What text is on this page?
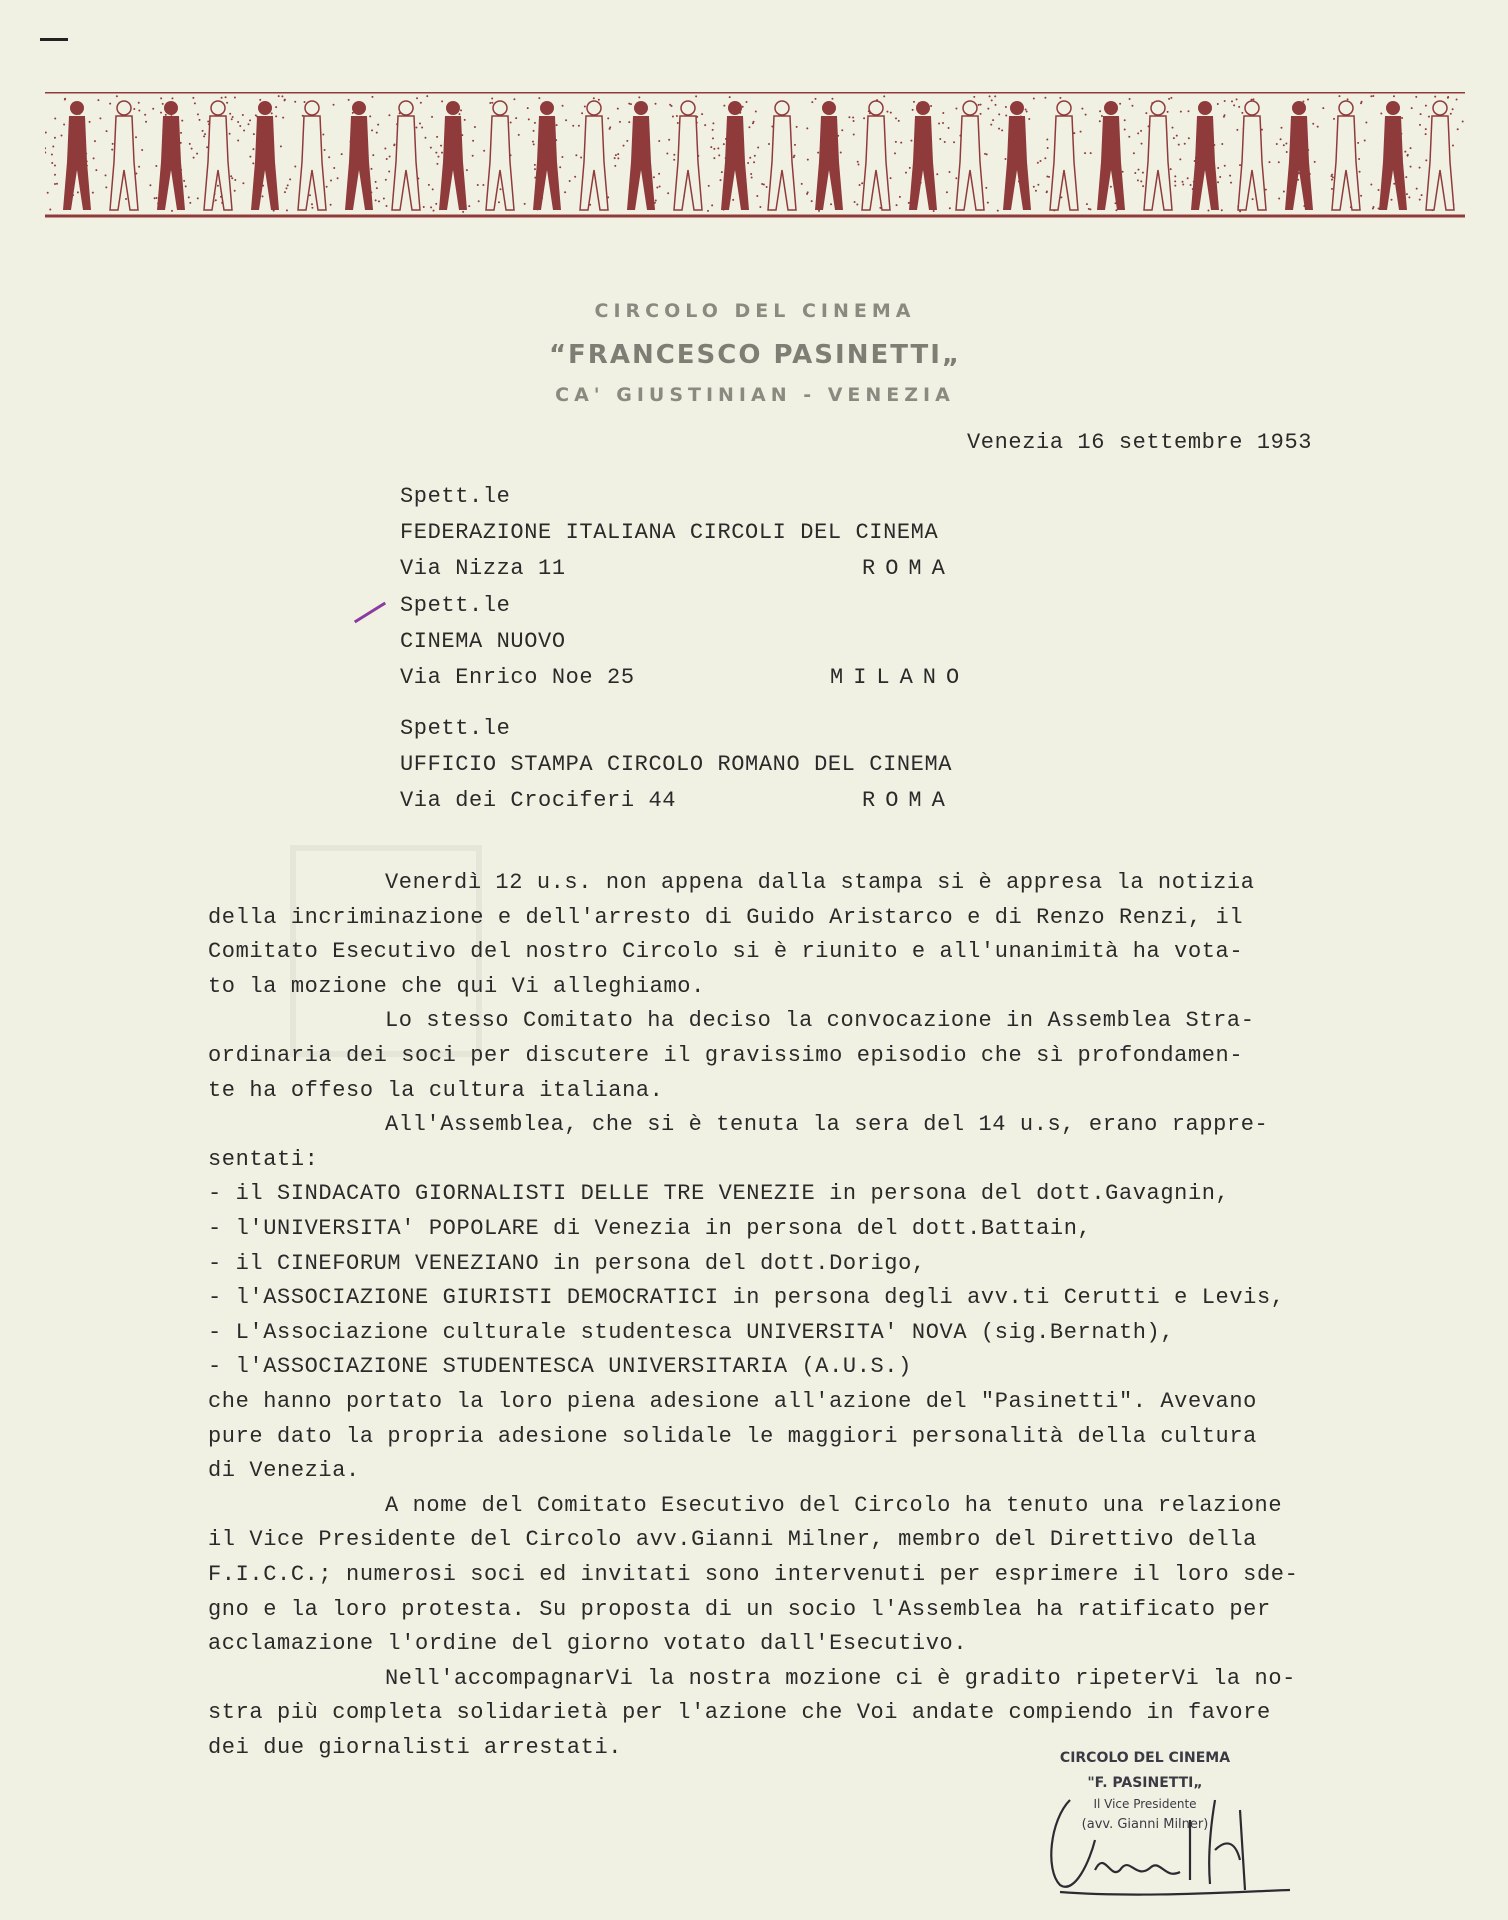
CIRCOLO DEL CINEMA
“FRANCESCO PASINETTI„
CA' GIUSTINIAN - VENEZIA
Venezia 16 settembre 1953

Spett.le
FEDERAZIONE ITALIANA CIRCOLI DEL CINEMA
Via Nizza 11	ROMA
Spett.le
CINEMA NUOVO
Via Enrico Noe 25	MILANO
Spett.le
UFFICIO STAMPA CIRCOLO ROMANO DEL CINEMA
Via dei Crociferi 44	ROMA
Venerdì 12 u.s. non appena dalla stampa si è appresa la notizia
della incriminazione e dell'arresto di Guido Aristarco e di Renzo Renzi, il
Comitato Esecutivo del nostro Circolo si è riunito e all'unanimità ha vota-
to la mozione che qui Vi alleghiamo.
Lo stesso Comitato ha deciso la convocazione in Assemblea Stra-
ordinaria dei soci per discutere il gravissimo episodio che sì profondamen-
te ha offeso la cultura italiana.
All'Assemblea, che si è tenuta la sera del 14 u.s, erano rappre-
sentati:
- il SINDACATO GIORNALISTI DELLE TRE VENEZIE in persona del dott.Gavagnin,
- l'UNIVERSITA' POPOLARE di Venezia in persona del dott.Battain,
- il CINEFORUM VENEZIANO in persona del dott.Dorigo,
- l'ASSOCIAZIONE GIURISTI DEMOCRATICI in persona degli avv.ti Cerutti e Levis,
- L'Associazione culturale studentesca UNIVERSITA' NOVA (sig.Bernath),
- l'ASSOCIAZIONE STUDENTESCA UNIVERSITARIA (A.U.S.)
che hanno portato la loro piena adesione all'azione del "Pasinetti". Avevano
pure dato la propria adesione solidale le maggiori personalità della cultura
di Venezia.
A nome del Comitato Esecutivo del Circolo ha tenuto una relazione
il Vice Presidente del Circolo avv.Gianni Milner, membro del Direttivo della
F.I.C.C.; numerosi soci ed invitati sono intervenuti per esprimere il loro sde-
gno e la loro protesta. Su proposta di un socio l'Assemblea ha ratificato per
acclamazione l'ordine del giorno votato dall'Esecutivo.
Nell'accompagnarVi la nostra mozione ci è gradito ripeterVi la no-
stra più completa solidarietà per l'azione che Voi andate compiendo in favore
dei due giornalisti arrestati.	CIRCOLO DEL CINEMA
"F. PASINETTI„
Il Vice Presidente
(avv. Gianni Milner)
